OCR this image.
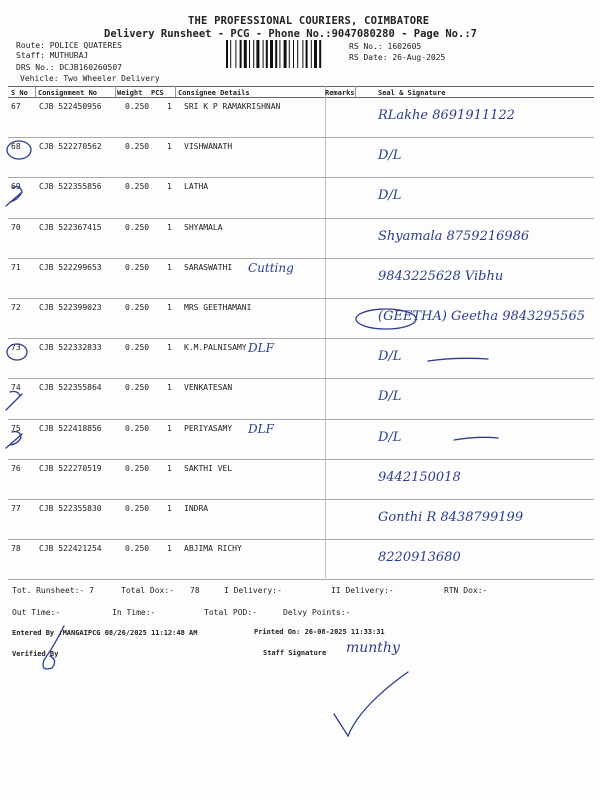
THE PROFESSIONAL COURIERS, COIMBATORE
Delivery Runsheet - PCG - Phone No.:9047080280 - Page No.:7
Route: POLICE QUATERES
Staff: MUTHURAJ
DRS No.: DCJB160260507
Vehicle: Two Wheeler Delivery
RS No.: 1602605
RS Date: 26-Aug-2025
S No Consignment No	Weight PCS Consignee Details	Remarks	Seal & Signature
67 CJB 522450956	0.250 1 SRI K P RAMAKRISHNAN
RLakhe 8691911122
68 CJB 522270562	0.250 1 VISHWANATH
D/L
69 CJB 522355856	0.250 1 LATHA
D/L
70 CJB 522367415	0.250 1 SHYAMALA
Shyamala 8759216986
71 CJB 522299653	0.250 1 SARASWATHI
9843225628 Vibhu
Cutting
72 CJB 522399023	0.250 1 MRS GEETHAMANI
(GEETHA) Geetha 9843295565
73 CJB 522332833	0.250 1 K.M.PALNISAMY
D/L
DLF
74 CJB 522355864	0.250 1 VENKATESAN
D/L
75 CJB 522418856	0.250 1 PERIYASAMY
D/L
DLF
76 CJB 522270519	0.250 1 SAKTHI VEL
9442150018
77 CJB 522355830	0.250 1 INDRA
Gonthi R 8438799199
78 CJB 522421254	0.250 1 ABJIMA RICHY
8220913680
Tot. Runsheet:- 7	Total Dox:- 78	I Delivery:-	II Delivery:-	RTN Dox:-
Out Time:-	In Time:-	Total POD:-	Delvy Points:-
Entered By :MANGAIPCG 08/26/2025 11:12:48 AM	Printed On: 26-08-2025 11:33:31
Verified By	Staff Signature munthy
